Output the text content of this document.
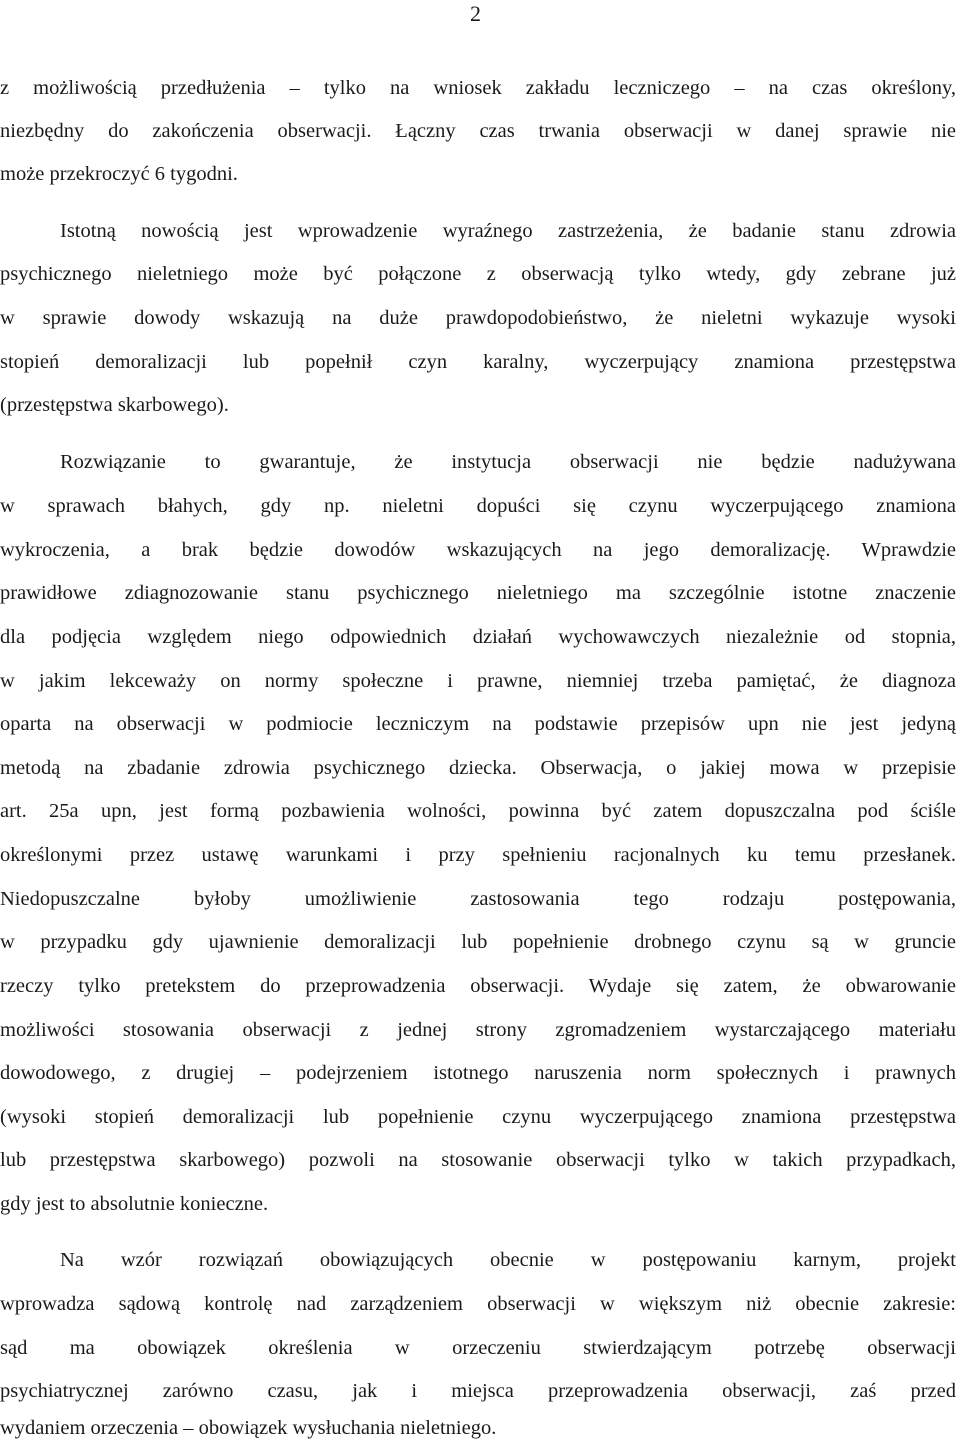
2
z możliwością przedłużenia – tylko na wniosek zakładu leczniczego – na czas określony,
niezbędny do zakończenia obserwacji. Łączny czas trwania obserwacji w danej sprawie nie
może przekroczyć 6 tygodni.
Istotną nowością jest wprowadzenie wyraźnego zastrzeżenia, że badanie stanu zdrowia
psychicznego nieletniego może być połączone z obserwacją tylko wtedy, gdy zebrane już
w sprawie dowody wskazują na duże prawdopodobieństwo, że nieletni wykazuje wysoki
stopień demoralizacji lub popełnił czyn karalny, wyczerpujący znamiona przestępstwa
(przestępstwa skarbowego).
Rozwiązanie to gwarantuje, że instytucja obserwacji nie będzie nadużywana
w sprawach błahych, gdy np. nieletni dopuści się czynu wyczerpującego znamiona
wykroczenia, a brak będzie dowodów wskazujących na jego demoralizację. Wprawdzie
prawidłowe zdiagnozowanie stanu psychicznego nieletniego ma szczególnie istotne znaczenie
dla podjęcia względem niego odpowiednich działań wychowawczych niezależnie od stopnia,
w jakim lekceważy on normy społeczne i prawne, niemniej trzeba pamiętać, że diagnoza
oparta na obserwacji w podmiocie leczniczym na podstawie przepisów upn nie jest jedyną
metodą na zbadanie zdrowia psychicznego dziecka. Obserwacja, o jakiej mowa w przepisie
art. 25a upn, jest formą pozbawienia wolności, powinna być zatem dopuszczalna pod ściśle
określonymi przez ustawę warunkami i przy spełnieniu racjonalnych ku temu przesłanek.
Niedopuszczalne byłoby umożliwienie zastosowania tego rodzaju postępowania,
w przypadku gdy ujawnienie demoralizacji lub popełnienie drobnego czynu są w gruncie
rzeczy tylko pretekstem do przeprowadzenia obserwacji. Wydaje się zatem, że obwarowanie
możliwości stosowania obserwacji z jednej strony zgromadzeniem wystarczającego materiału
dowodowego, z drugiej – podejrzeniem istotnego naruszenia norm społecznych i prawnych
(wysoki stopień demoralizacji lub popełnienie czynu wyczerpującego znamiona przestępstwa
lub przestępstwa skarbowego) pozwoli na stosowanie obserwacji tylko w takich przypadkach,
gdy jest to absolutnie konieczne.
Na wzór rozwiązań obowiązujących obecnie w postępowaniu karnym, projekt
wprowadza sądową kontrolę nad zarządzeniem obserwacji w większym niż obecnie zakresie:
sąd ma obowiązek określenia w orzeczeniu stwierdzającym potrzebę obserwacji
psychiatrycznej zarówno czasu, jak i miejsca przeprowadzenia obserwacji, zaś przed
wydaniem orzeczenia – obowiązek wysłuchania nieletniego.
